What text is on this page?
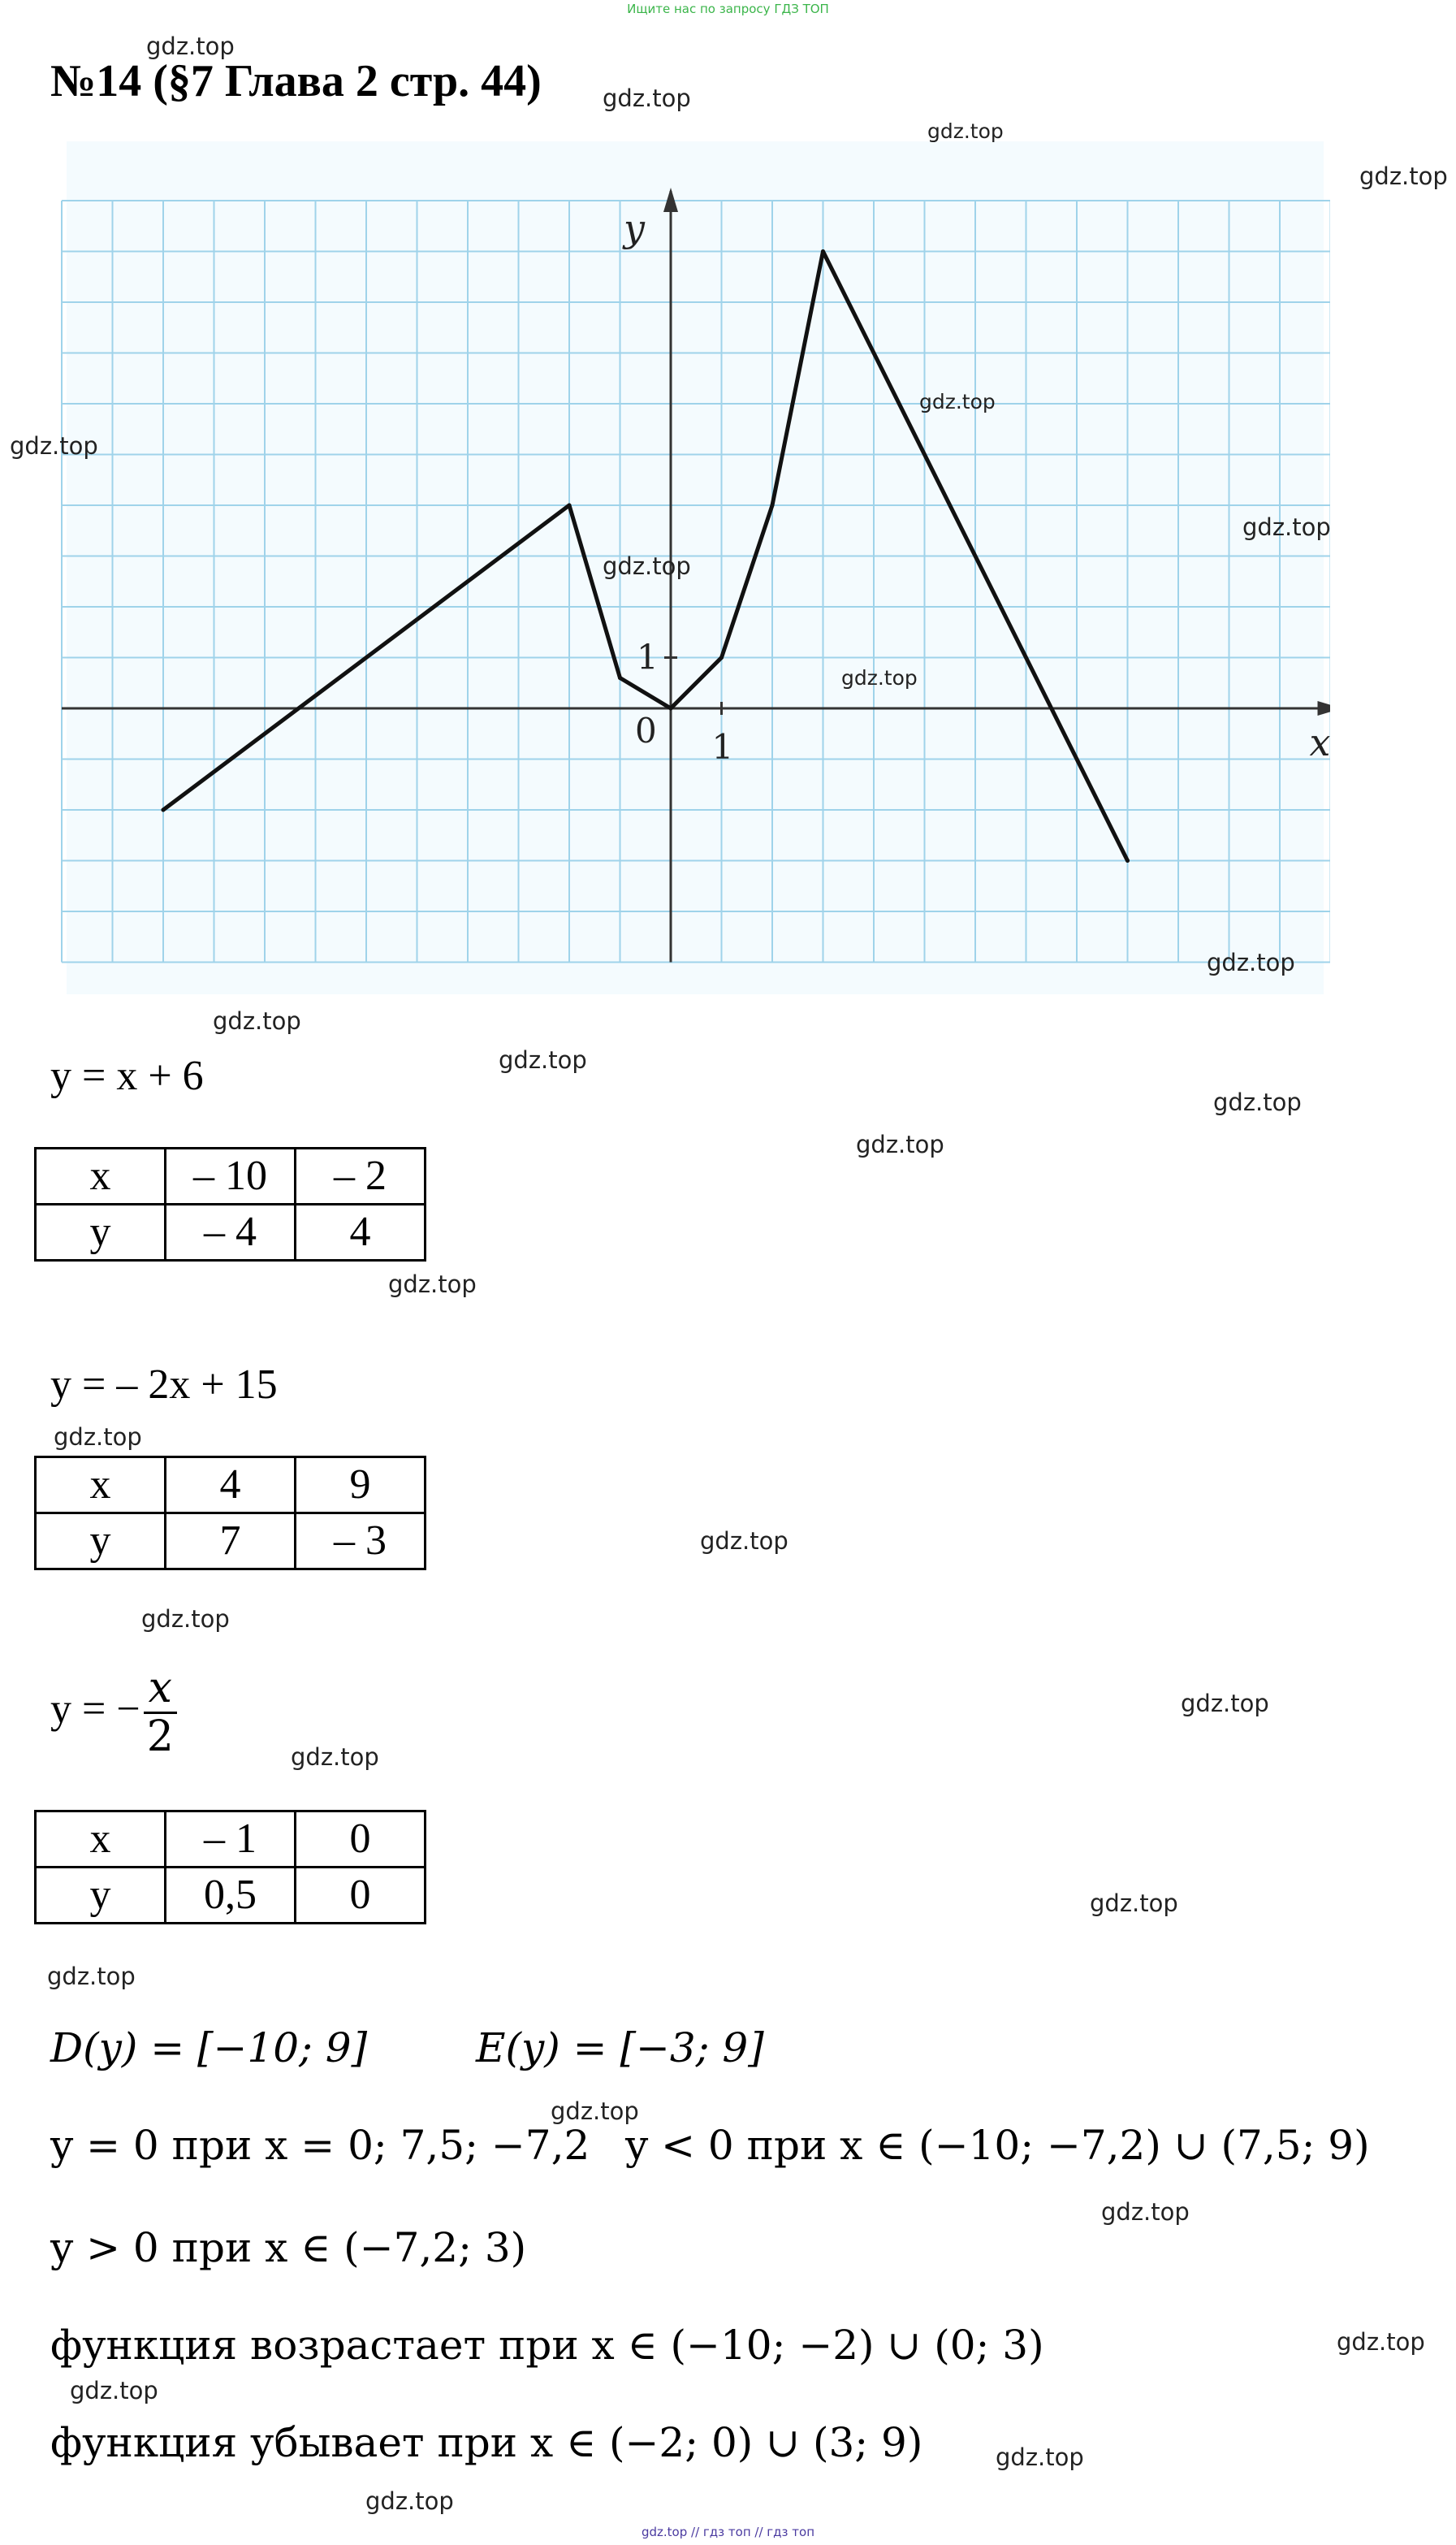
Ищите нас по запросу ГДЗ ТОП
№14 (§7 Глава 2 стр. 44)
x
y
0 1
1
y = x + 6
x	– 10	– 2
y	– 4	4
y = – 2x + 15
x	4	9
y	7	– 3
y = − $\frac{x}{2}$
x	– 1	0
y	0,5	0
D(y) = [−10; 9]	E(y) = [−3; 9]
y = 0 при x = 0; 7,5; −7,2 y < 0 при x ∈ (−10; −7,2) ∪ (7,5; 9)
y > 0 при x ∈ (−7,2; 3)
функция возрастает при x ∈ (−10; −2) ∪ (0; 3)
функция убывает при x ∈ (−2; 0) ∪ (3; 9)
gdz.top
gdz.top
gdz.top
gdz.top
gdz.top
gdz.top
gdz.top
gdz.top
gdz.top
gdz.top
gdz.top
gdz.top
gdz.top
gdz.top
gdz.top
gdz.top
gdz.top
gdz.top
gdz.top
gdz.top
gdz.top
gdz.top
gdz.top
gdz.top
gdz.top
gdz.top
gdz.top
gdz.top
gdz.top // гдз топ // гдз топ
